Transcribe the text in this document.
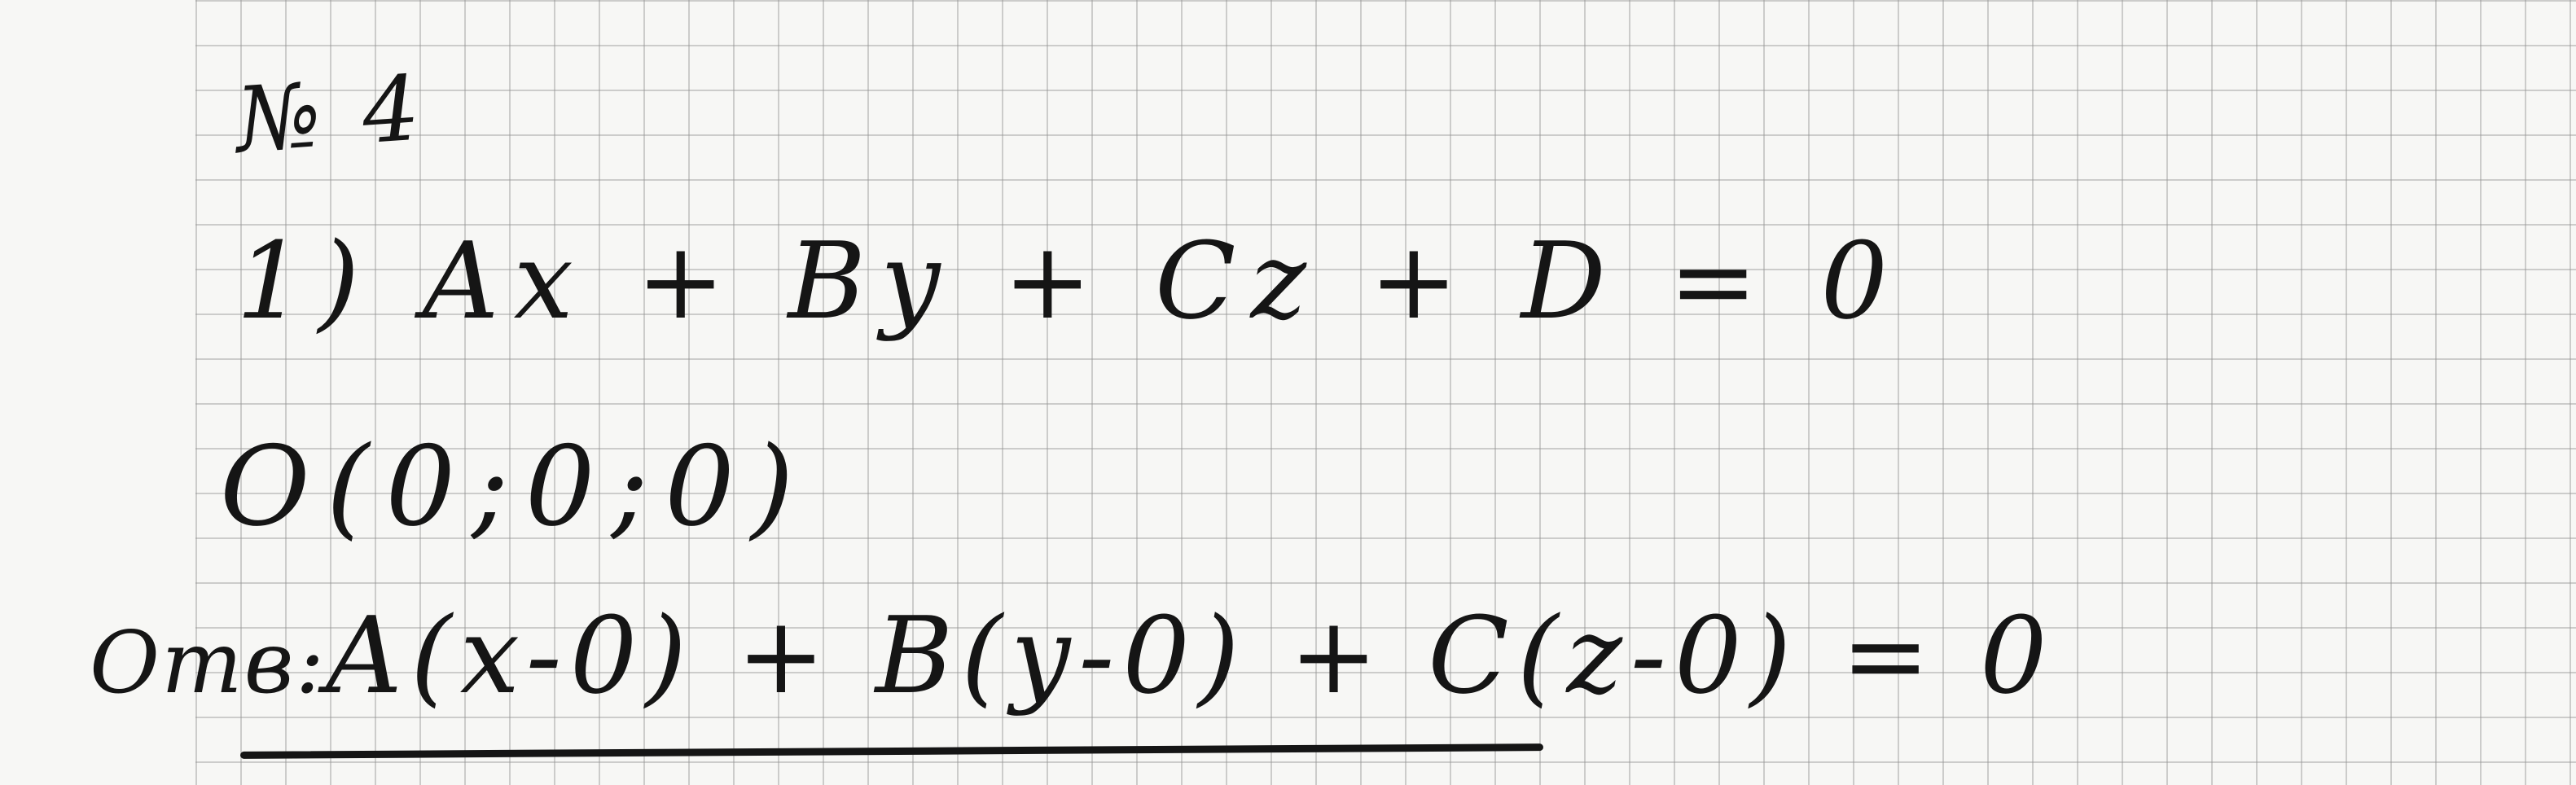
№ 4
1) Ax + By + Cz + D = 0
O(0;0;0)
Отв:A(x-0) + B(y-0) + C(z-0) = 0
